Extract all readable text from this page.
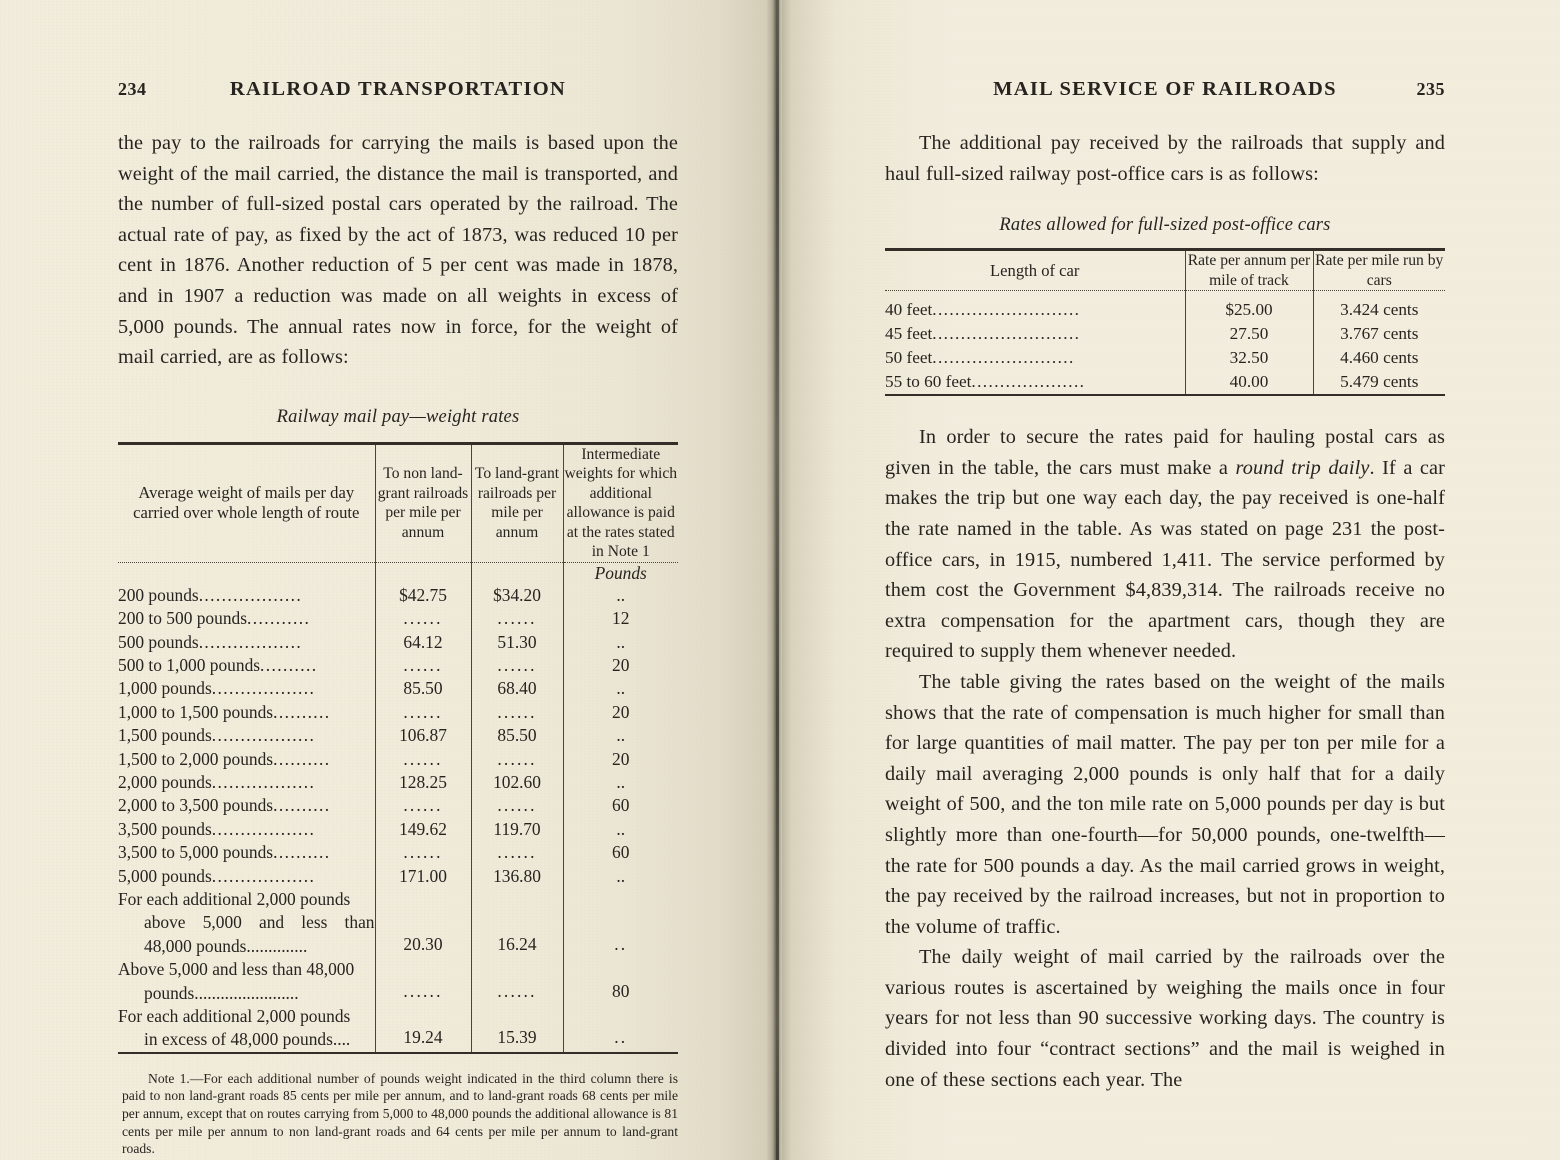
234	RAILROAD TRANSPORTATION

the pay to the railroads for carrying the mails is based upon the weight of the mail carried, the distance the mail is transported, and the number of full-sized postal cars operated by the railroad. The actual rate of pay, as fixed by the act of 1873, was reduced 10 per cent in 1876. Another reduction of 5 per cent was made in 1878, and in 1907 a reduction was made on all weights in excess of 5,000 pounds. The annual rates now in force, for the weight of mail carried, are as follows:

Railway mail pay—weight rates

Average weight of mails per day carried over whole length of route	To non land-grant railroads per mile per annum	To land-grant railroads per mile per annum	Intermediate weights for which additional allowance is paid at the rates stated in Note 1

			Pounds
200 pounds..................	$42.75	$34.20	..
200 to 500 pounds...........	......	......	12
500 pounds..................	64.12	51.30	..
500 to 1,000 pounds..........	......	......	20
1,000 pounds..................	85.50	68.40	..
1,000 to 1,500 pounds..........	......	......	20
1,500 pounds..................	106.87	85.50	..
1,500 to 2,000 pounds..........	......	......	20
2,000 pounds..................	128.25	102.60	..
2,000 to 3,500 pounds..........	......	......	60
3,500 pounds..................	149.62	119.70	..
3,500 to 5,000 pounds..........	......	......	60
5,000 pounds..................	171.00	136.80	..

For each additional 2,000 pounds
above 5,000 and less than
48,000 pounds..............	20.30	16.24	..

Above 5,000 and less than 48,000
pounds........................	......	......	80

For each additional 2,000 pounds
in excess of 48,000 pounds....	19.24	15.39	..

Note 1.—For each additional number of pounds weight indicated in the third column there is paid to non land-grant roads 85 cents per mile per annum, and to land-grant roads 68 cents per mile per annum, except that on routes carrying from 5,000 to 48,000 pounds the additional allowance is 81 cents per mile per annum to non land-grant roads and 64 cents per mile per annum to land-grant roads.

MAIL SERVICE OF RAILROADS	235

The additional pay received by the railroads that supply and haul full-sized railway post-office cars is as follows:

Rates allowed for full-sized post-office cars

Length of car	Rate per annum per mile of track	Rate per mile run by cars

40 feet..........................	$25.00	3.424 cents
45 feet..........................	27.50	3.767 cents
50 feet.........................	32.50	4.460 cents
55 to 60 feet....................	40.00	5.479 cents

In order to secure the rates paid for hauling postal cars as given in the table, the cars must make a round trip daily. If a car makes the trip but one way each day, the pay received is one-half the rate named in the table. As was stated on page 231 the post-office cars, in 1915, numbered 1,411. The service performed by them cost the Government $4,839,314. The railroads receive no extra compensation for the apartment cars, though they are required to supply them whenever needed.

The table giving the rates based on the weight of the mails shows that the rate of compensation is much higher for small than for large quantities of mail matter. The pay per ton per mile for a daily mail averaging 2,000 pounds is only half that for a daily weight of 500, and the ton mile rate on 5,000 pounds per day is but slightly more than one-fourth—for 50,000 pounds, one-twelfth—the rate for 500 pounds a day. As the mail carried grows in weight, the pay received by the railroad increases, but not in proportion to the volume of traffic.

The daily weight of mail carried by the railroads over the various routes is ascertained by weighing the mails once in four years for not less than 90 successive working days. The country is divided into four “contract sections” and the mail is weighed in one of these sections each year. The
